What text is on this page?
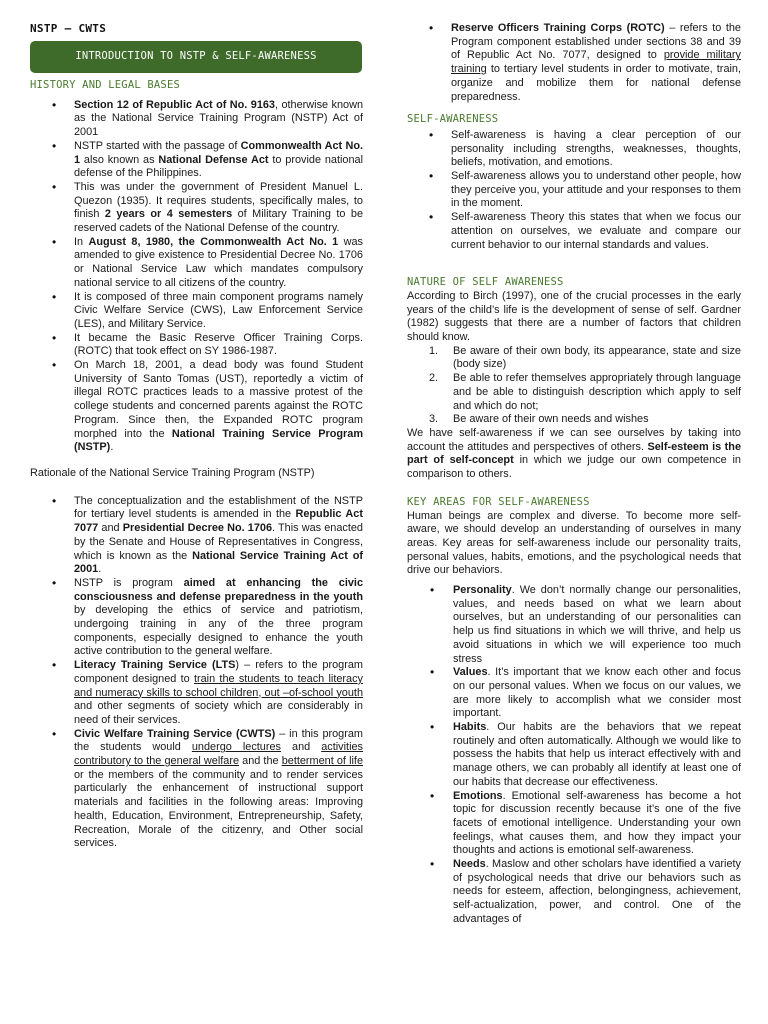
NSTP – CWTS
INTRODUCTION TO NSTP & SELF-AWARENESS
HISTORY AND LEGAL BASES
• Section 12 of Republic Act of No. 9163, otherwise known as the National Service Training Program (NSTP) Act of 2001
• NSTP started with the passage of Commonwealth Act No. 1 also known as National Defense Act to provide national defense of the Philippines.
• This was under the government of President Manuel L. Quezon (1935). It requires students, specifically males, to finish 2 years or 4 semesters of Military Training to be reserved cadets of the National Defense of the country.
• In August 8, 1980, the Commonwealth Act No. 1 was amended to give existence to Presidential Decree No. 1706 or National Service Law which mandates compulsory national service to all citizens of the country.
• It is composed of three main component programs namely Civic Welfare Service (CWS), Law Enforcement Service (LES), and Military Service.
• It became the Basic Reserve Officer Training Corps. (ROTC) that took effect on SY 1986-1987.
• On March 18, 2001, a dead body was found Student University of Santo Tomas (UST), reportedly a victim of illegal ROTC practices leads to a massive protest of the college students and concerned parents against the ROTC Program. Since then, the Expanded ROTC program morphed into the National Training Service Program (NSTP).

Rationale of the National Service Training Program (NSTP)

• The conceptualization and the establishment of the NSTP for tertiary level students is amended in the Republic Act 7077 and Presidential Decree No. 1706. This was enacted by the Senate and House of Representatives in Congress, which is known as the National Service Training Act of 2001.
• NSTP is program aimed at enhancing the civic consciousness and defense preparedness in the youth by developing the ethics of service and patriotism, undergoing training in any of the three program components, especially designed to enhance the youth active contribution to the general welfare.
• Literacy Training Service (LTS) – refers to the program component designed to train the students to teach literacy and numeracy skills to school children, out –of-school youth and other segments of society which are considerably in need of their services.
• Civic Welfare Training Service (CWTS) – in this program the students would undergo lectures and activities contributory to the general welfare and the betterment of life or the members of the community and to render services particularly the enhancement of instructional support materials and facilities in the following areas: Improving health, Education, Environment, Entrepreneurship, Safety, Recreation, Morale of the citizenry, and Other social services.
• Reserve Officers Training Corps (ROTC) – refers to the Program component established under sections 38 and 39 of Republic Act No. 7077, designed to provide military training to tertiary level students in order to motivate, train, organize and mobilize them for national defense preparedness.
SELF-AWARENESS
• Self-awareness is having a clear perception of our personality including strengths, weaknesses, thoughts, beliefs, motivation, and emotions.
• Self-awareness allows you to understand other people, how they perceive you, your attitude and your responses to them in the moment.
• Self-awareness Theory this states that when we focus our attention on ourselves, we evaluate and compare our current behavior to our internal standards and values.
NATURE OF SELF AWARENESS

According to Birch (1997), one of the crucial processes in the early years of the child’s life is the development of sense of self. Gardner (1982) suggests that there are a number of factors that children should know.

1. Be aware of their own body, its appearance, state and size (body size)
2. Be able to refer themselves appropriately through language and be able to distinguish description which apply to self and which do not;
3. Be aware of their own needs and wishes

We have self-awareness if we can see ourselves by taking into account the attitudes and perspectives of others. Self-esteem is the part of self-concept in which we judge our own competence in comparison to others.

KEY AREAS FOR SELF-AWARENESS

Human beings are complex and diverse. To become more self-aware, we should develop an understanding of ourselves in many areas. Key areas for self-awareness include our personality traits, personal values, habits, emotions, and the psychological needs that drive our behaviors.

• Personality. We don’t normally change our personalities, values, and needs based on what we learn about ourselves, but an understanding of our personalities can help us find situations in which we will thrive, and help us avoid situations in which we will experience too much stress
• Values. It’s important that we know each other and focus on our personal values. When we focus on our values, we are more likely to accomplish what we consider most important.
• Habits. Our habits are the behaviors that we repeat routinely and often automatically. Although we would like to possess the habits that help us interact effectively with and manage others, we can probably all identify at least one of our habits that decrease our effectiveness.
• Emotions. Emotional self-awareness has become a hot topic for discussion recently because it’s one of the five facets of emotional intelligence. Understanding your own feelings, what causes them, and how they impact your thoughts and actions is emotional self-awareness.
• Needs. Maslow and other scholars have identified a variety of psychological needs that drive our behaviors such as needs for esteem, affection, belongingness, achievement, self-actualization, power, and control. One of the advantages of
